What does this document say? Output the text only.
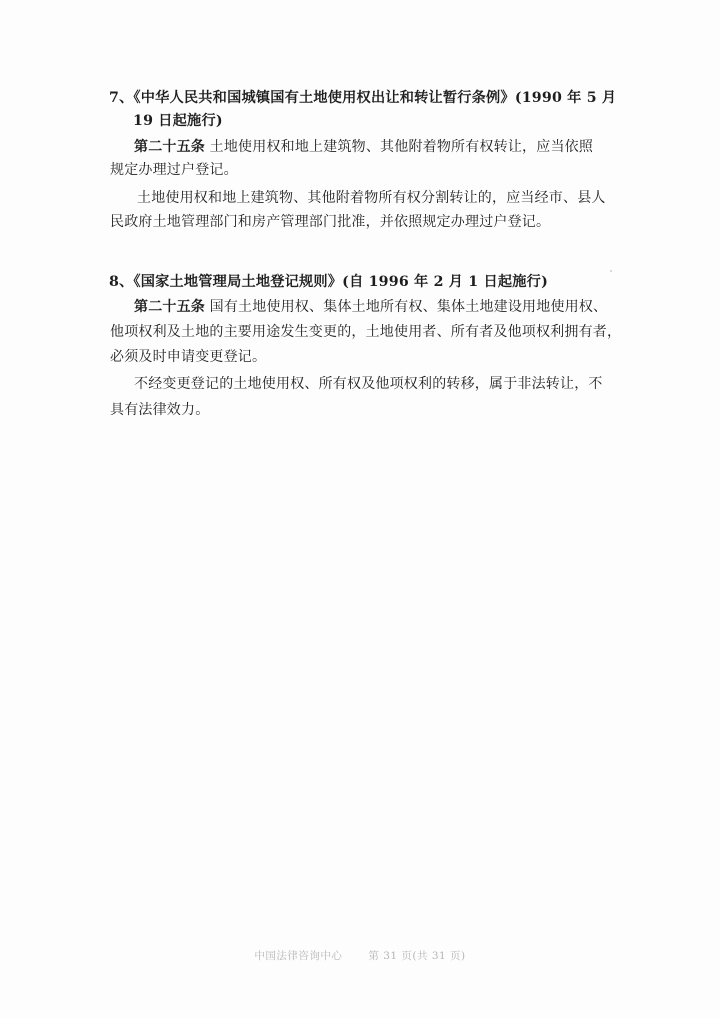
7、《中华人民共和国城镇国有土地使用权出让和转让暂行条例》(1990 年 5 月
19 日起施行)
第二十五条 土地使用权和地上建筑物、其他附着物所有权转让，应当依照
规定办理过户登记。
土地使用权和地上建筑物、其他附着物所有权分割转让的，应当经市、县人
民政府土地管理部门和房产管理部门批准，并依照规定办理过户登记。
8、《国家土地管理局土地登记规则》(自 1996 年 2 月 1 日起施行)
第二十五条 国有土地使用权、集体土地所有权、集体土地建设用地使用权、
他项权利及土地的主要用途发生变更的，土地使用者、所有者及他项权利拥有者，
必须及时申请变更登记。
不经变更登记的土地使用权、所有权及他项权利的转移，属于非法转让，不
具有法律效力。
中国法律咨询中心 第 31 页(共 31 页)
